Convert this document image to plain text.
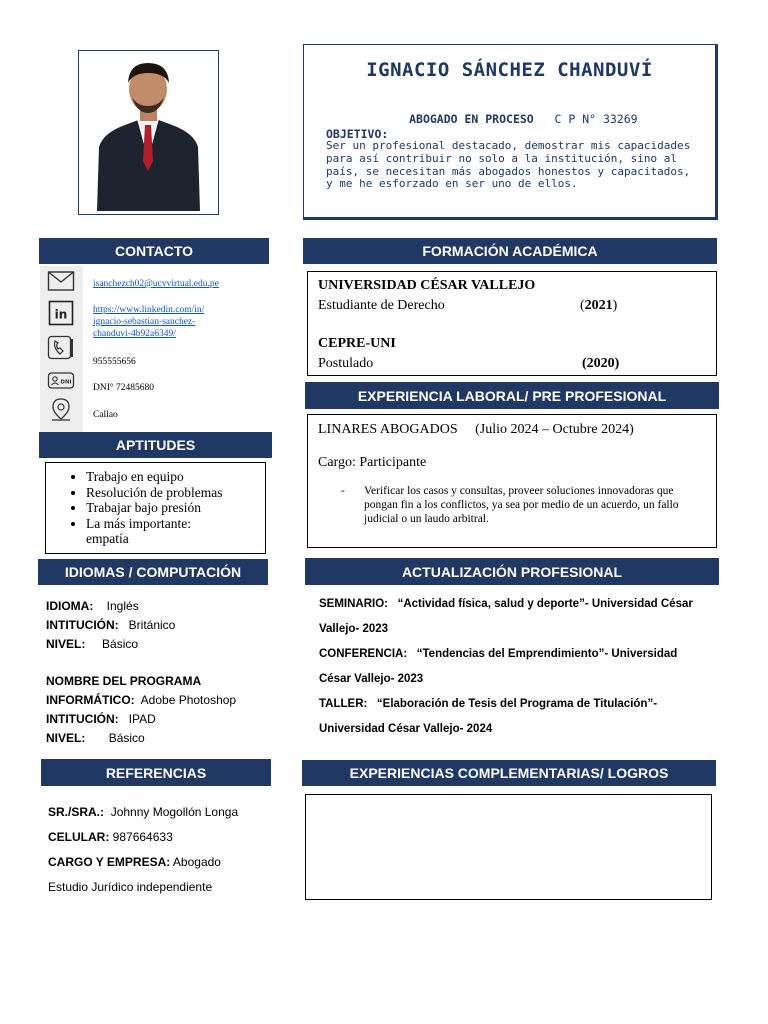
IGNACIO SÁNCHEZ CHANDUVÍ

ABOGADO EN PROCESO C P N° 33269

OBJETIVO:
Ser un profesional destacado, demostrar mis capacidades para así contribuir no solo a la institución, sino al país, se necesitan más abogados honestos y capacitados, y me he esforzado en ser uno de ellos.
CONTACTO
in
DNI
isanchezch02@ucvvirtual.edu.pe
https://www.linkedin.com/in/
ignacio-sebastian-sanchez-
chanduvi-4b92a6349/
955555656
DNI° 72485680
Callao
APTITUDES
• Trabajo en equipo
• Resolución de problemas
• Trabajar bajo presión
• La más importante:
empatía
IDIOMAS / COMPUTACIÓN
IDIOMA: Inglés
INTITUCIÓN: Británico
NIVEL: Básico
NOMBRE DEL PROGRAMA
INFORMÁTICO: Adobe Photoshop
INTITUCIÓN: IPAD
NIVEL: Básico
REFERENCIAS
SR./SRA.: Johnny Mogollón Longa
CELULAR: 987664633
CARGO Y EMPRESA: Abogado
Estudio Jurídico independiente
FORMACIÓN ACADÉMICA
UNIVERSIDAD CÉSAR VALLEJO
Estudiante de Derecho	(2021)
CEPRE-UNI
Postulado	(2020)
EXPERIENCIA LABORAL/ PRE PROFESIONAL
LINARES ABOGADOS (Julio 2024 – Octubre 2024)
Cargo: Participante
- Verificar los casos y consultas, proveer soluciones innovadoras que pongan fin a los conflictos, ya sea por medio de un acuerdo, un fallo judicial o un laudo arbitral.
ACTUALIZACIÓN PROFESIONAL
SEMINARIO:   “Actividad física, salud y deporte”- Universidad César
Vallejo- 2023
CONFERENCIA:   “Tendencias del Emprendimiento”- Universidad
César Vallejo- 2023
TALLER:   “Elaboración de Tesis del Programa de Titulación”-
Universidad César Vallejo- 2024
EXPERIENCIAS COMPLEMENTARIAS/ LOGROS
